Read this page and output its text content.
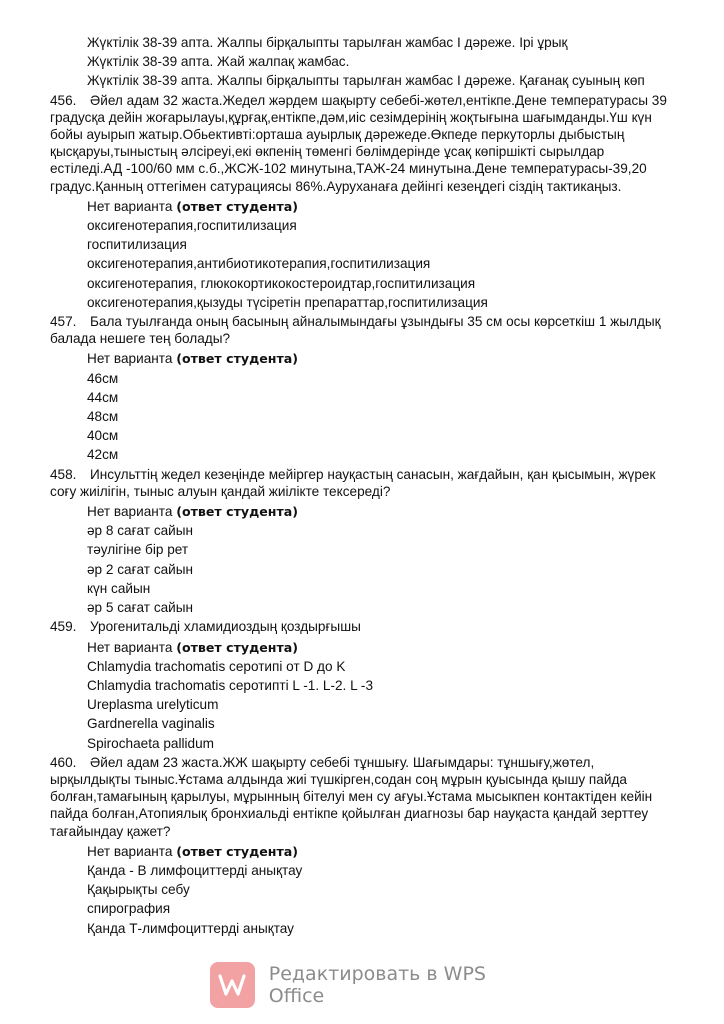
Жүктілік 38-39 апта. Жалпы бірқалыпты тарылған жамбас I дәреже. Ірі ұрық
Жүктілік 38-39 апта. Жай жалпақ жамбас.
Жүктілік 38-39 апта. Жалпы бірқалыпты тарылған жамбас I дәреже. Қағанақ суының көп
456. Әйел адам 32 жаста.Жедел жәрдем шақырту себебі-жөтел,ентікпе.Дене температурасы 39 градусқа дейін жоғарылауы,құрғақ,ентікпе,дәм,иіс сезімдерінің жоқтығына шағымданды.Үш күн бойы ауырып жатыр.Обьективті:орташа ауырлық дәрежеде.Өкпеде перкуторлы дыбыстың қысқаруы,тыныстың әлсіреуі,екі өкпенің төменгі бөлімдерінде ұсақ көпіршікті сырылдар естіледі.АД -100/60 мм с.б.,ЖСЖ-102 минутына,ТАЖ-24 минутына.Дене температурасы-39,20 градус.Қанның оттегімен сатурациясы 86%.Ауруханаға дейінгі кезеңдегі сіздің тактикаңыз.
Нет варианта (ответ студента)
оксигенотерапия,госпитилизация
госпитилизация
оксигенотерапия,антибиотикотерапия,госпитилизация
оксигенотерапия, глюкокортикокостероидтар,госпитилизация
оксигенотерапия,қызуды түсіретін препараттар,госпитилизация
457. Бала туылғанда оның басының айналымындағы ұзындығы 35 см осы көрсеткіш 1 жылдық балада нешеге тең болады?
Нет варианта (ответ студента)
46см
44см
48см
40см
42см
458. Инсульттің жедел кезеңінде мейіргер науқастың санасын, жағдайын, қан қысымын, жүрек соғу жиілігін, тыныс алуын қандай жиілікте тексереді?
Нет варианта (ответ студента)
әр 8 сағат сайын
тәулігіне бір рет
әр 2 сағат сайын
күн сайын
әр 5 сағат сайын
459. Урогенитальді хламидиоздың қоздырғышы
Нет варианта (ответ студента)
Chlamydia trachomatis серотипі от D до K
Chlamydia trachomatis серотипті L -1. L-2. L -3
Ureplasma urelyticum
Gardnerella vaginalis
Spirochaeta pallidum
460. Әйел адам 23 жаста.ЖЖ шақырту себебі тұншығу. Шағымдары: тұншығу,жөтел, ырқылдықты тыныс.Ұстама алдында жиі түшкірген,содан соң мұрын қуысында қышу пайда болған,тамағының қарылуы, мұрынның бітелуі мен су ағуы.Ұстама мысыкпен контактіден кейін пайда болған,Атопиялық бронхиальді ентікпе қойылған диагнозы бар науқаста қандай зерттеу тағайындау қажет?
Нет варианта (ответ студента)
Қанда - В лимфоциттерді анықтау
Қақырықты себу
спирография
Қанда Т-лимфоциттерді анықтау
Редактировать в WPS Office
